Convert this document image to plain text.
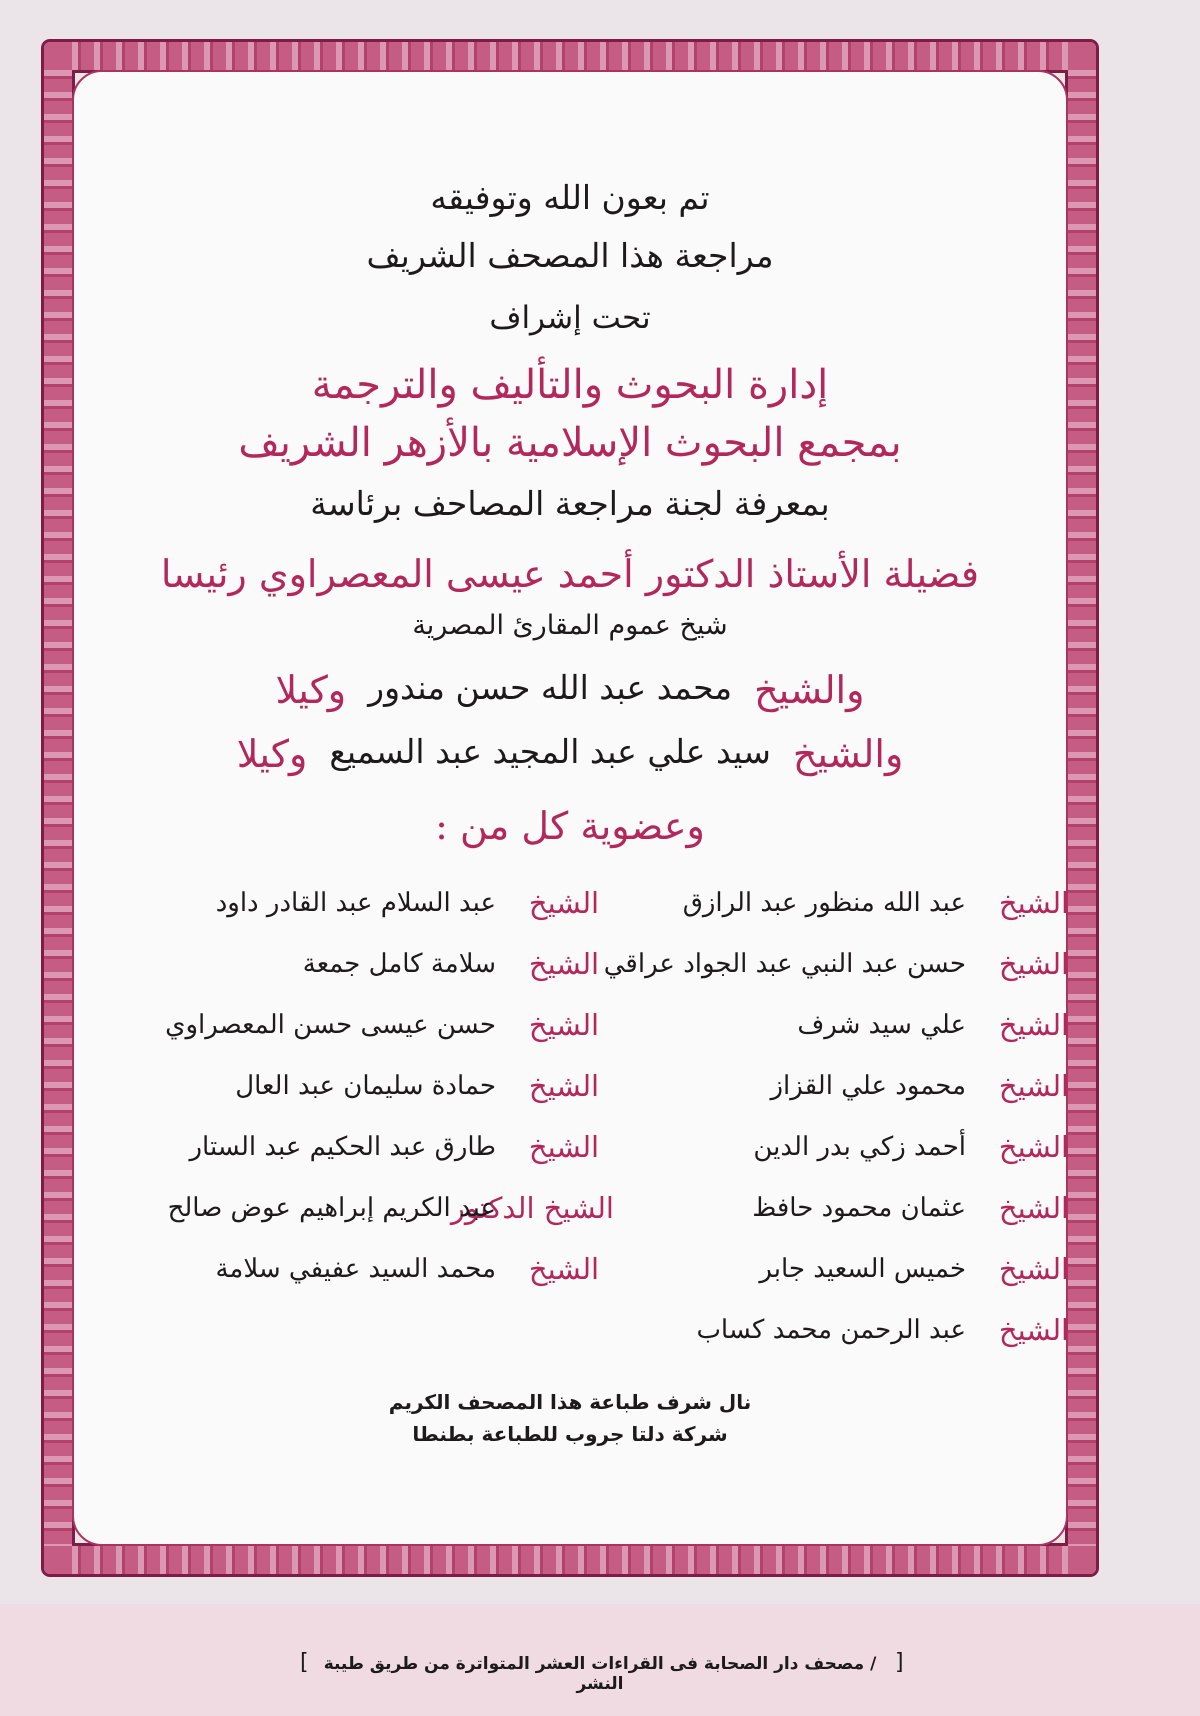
تم بعون الله وتوفيقه
مراجعة هذا المصحف الشريف
تحت إشراف
إدارة البحوث والتأليف والترجمة
بمجمع البحوث الإسلامية بالأزهر الشريف
بمعرفة لجنة مراجعة المصاحف برئاسة
فضيلة الأستاذ الدكتور أحمد عيسى المعصراوي رئيسا
شيخ عموم المقارئ المصرية
والشيخ
محمد عبد الله حسن مندور
وكيلا
والشيخ
سيد علي عبد المجيد عبد السميع
وكيلا
وعضوية كل من :
الشيخ
عبد الله منظور عبد الرازق
الشيخ
حسن عبد النبي عبد الجواد عراقي
الشيخ
علي سيد شرف
الشيخ
محمود علي القزاز
الشيخ
أحمد زكي بدر الدين
الشيخ
عثمان محمود حافظ
الشيخ
خميس السعيد جابر
الشيخ
عبد الرحمن محمد كساب
الشيخ
عبد السلام عبد القادر داود
الشيخ
سلامة كامل جمعة
الشيخ
حسن عيسى حسن المعصراوي
الشيخ
حمادة سليمان عبد العال
الشيخ
طارق عبد الحكيم عبد الستار
الشيخ الدكتور
عبد الكريم إبراهيم عوض صالح
الشيخ
محمد السيد عفيفي سلامة
نال شرف طباعة هذا المصحف الكريم
شركة دلتا جروب للطباعة بطنطا
[ / مصحف دار الصحابة فى القراءات العشر المتواترة من طريق طيبة النشر
]
